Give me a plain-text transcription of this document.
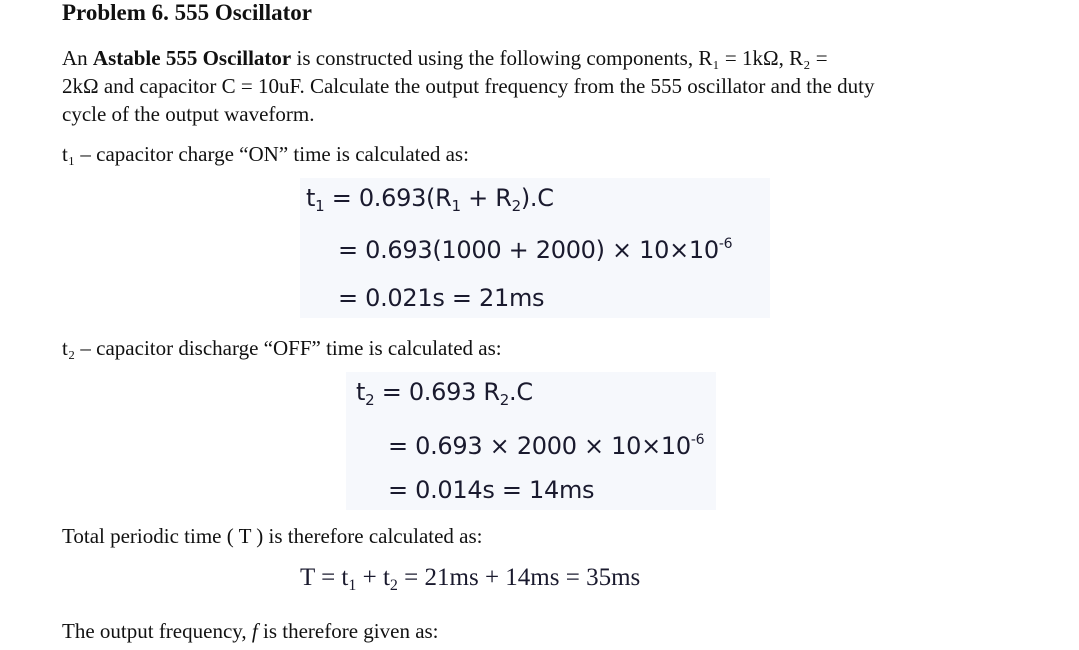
Problem 6. 555 Oscillator
An Astable 555 Oscillator is constructed using the following components, R₁ = 1kΩ, R₂ =
2kΩ and capacitor C = 10uF. Calculate the output frequency from the 555 oscillator and the duty
cycle of the output waveform.
t₁ – capacitor charge “ON” time is calculated as:
$t_1 = 0.693(R_1 + R_2).C$
= $0.693(1000 + 2000) \times 10\times 10^{-6}$
= 0.021s = 21ms
t₂ – capacitor discharge “OFF” time is calculated as:
$t_2 = 0.693$ $R_2.C$
= $0.693 \times 2000 \times 10\times 10^{-6}$
= 0.014s = 14ms
Total periodic time ( T ) is therefore calculated as:
$T = t_1 + t_2 = 21ms + 14ms = 35ms$
The output frequency, f is therefore given as:
